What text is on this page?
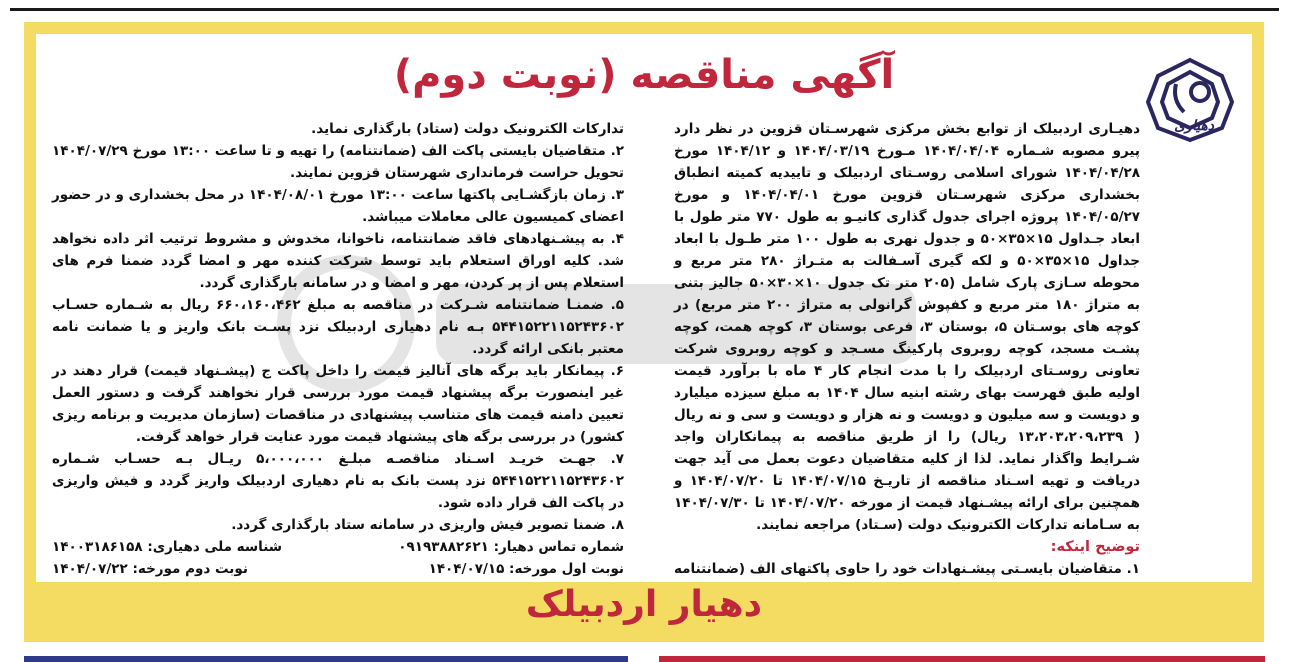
دهیاری
آگهی مناقصه (نوبت دوم)

دهیـاری اردبیلک از توابع بخش مرکزی شهرسـتان قزوین در نظر دارد پیرو مصوبه شـماره ۱۴۰۴/۰۴/۰۴ مـورخ ۱۴۰۴/۰۳/۱۹ و ۱۴۰۴/۱۲ مورخ ۱۴۰۴/۰۴/۲۸ شورای اسلامی روسـتای اردبیلک و تاییدیه کمیته انطباق بخشداری مرکزی شهرسـتان قزوین مورخ ۱۴۰۴/۰۴/۰۱ و مورخ ۱۴۰۴/۰۵/۲۷ پروژه اجرای جدول گذاری کانیـو به طول ۷۷۰ متر طول با ابعاد جـداول ۱۵×۳۵×۵۰ و جدول نهری به طول ۱۰۰ متر طـول با ابعاد جداول ۱۵×۳۵×۵۰ و لکه گیری آسـفالت به متـراژ ۲۸۰ متر مربع و محوطه سـازی پارک شامل (۲۰۵ متر تک جدول ۱۰×۳۰×۵۰ جالیز بتنی به متراژ ۱۸۰ متر مربع و کفپوش گرانولی به متراژ ۲۰۰ متر مربع) در کوچه های بوسـتان ۵، بوستان ۳، فرعی بوستان ۳، کوچه همت، کوچه پشـت مسجد، کوچه روبروی پارکینگ مسـجد و کوچه روبروی شرکت تعاونی روسـتای اردبیلک را با مدت انجام کار ۴ ماه با برآورد قیمت اولیه طبق فهرست بهای رشته ابنیه سال ۱۴۰۴ به مبلغ سیزده میلیارد و دویست و سه میلیون و دویست و نه هزار و دویست و سی و نه ریال ( ۱۳،۲۰۳،۲۰۹،۲۳۹ ریال) را از طریق مناقصه به پیمانکاران واجد شـرایط واگذار نماید. لذا از کلیه متقاضیان دعوت بعمل می آید جهت دریافت و تهیه اسـناد مناقصه از تاریـخ ۱۴۰۴/۰۷/۱۵ تا ۱۴۰۴/۰۷/۲۰ و همچنین برای ارائه پیشـنهاد قیمت از مورخه ۱۴۰۴/۰۷/۲۰ تا ۱۴۰۴/۰۷/۳۰ به سـامانه تدارکات الکترونیک دولت (سـتاد) مراجعه نمایند.

توضیح اینکه:

۱. متقاضیان بایسـتی پیشـنهادات خود را حاوی پاکتهای الف (ضمانتنامه

تدارکات الکترونیک دولت (ستاد) بارگذاری نماید.

۲. متقاضیان بایستی پاکت الف (ضمانتنامه) را تهیه و تا ساعت ۱۳:۰۰ مورخ ۱۴۰۴/۰۷/۲۹ تحویل حراست فرمانداری شهرستان قزوین نمایند.

۳. زمان بازگشـایی پاکتها ساعت ۱۳:۰۰ مورخ ۱۴۰۴/۰۸/۰۱ در محل بخشداری و در حضور اعضای کمیسیون عالی معاملات میباشد.

۴. به پیشـنهادهای فاقد ضمانتنامه، ناخوانا، مخدوش و مشروط ترتیب اثر داده نخواهد شد. کلیه اوراق استعلام باید توسط شرکت کننده مهر و امضا گردد ضمنا فرم های استعلام پس از پر کردن، مهر و امضا و در سامانه بارگذاری گردد.

۵. ضمنـا ضمانتنامه شـرکت در مناقصه به مبلغ ۶۶۰،۱۶۰،۴۶۲ ریال به شـماره حسـاب ۵۴۴۱۵۲۲۱۱۵۲۴۳۶۰۲ بـه نام دهیاری اردبیلک نزد پسـت بانک واریز و یا ضمانت نامه معتبر بانکی ارائه گردد.

۶. پیمانکار باید برگه های آنالیز قیمت را داخل پاکت ج (پیشـنهاد قیمت) قرار دهند در غیر اینصورت برگه پیشنهاد قیمت مورد بررسی قرار نخواهند گرفت و دستور العمل تعیین دامنه قیمت های متناسب پیشنهادی در مناقصات (سازمان مدیریت و برنامه ریزی کشور) در بررسی برگه های پیشنهاد قیمت مورد عنایت قرار خواهد گرفت.

۷. جهـت خریـد اسـناد مناقصـه مبلـغ ۵،۰۰۰،۰۰۰ ریـال بـه حسـاب شـماره ۵۴۴۱۵۲۲۱۱۵۲۴۳۶۰۲ نزد پست بانک به نام دهیاری اردبیلک واریز گردد و فیش واریزی در پاکت الف قرار داده شود.

۸. ضمنا تصویر فیش واریزی در سامانه ستاد بارگذاری گردد.

شماره تماس دهیار: ۰۹۱۹۳۸۸۲۶۲۱
شناسه ملی دهیاری: ۱۴۰۰۳۱۸۶۱۵۸
نوبت اول مورخه: ۱۴۰۴/۰۷/۱۵
نوبت دوم مورخه: ۱۴۰۴/۰۷/۲۲
دهیار اردبیلک
